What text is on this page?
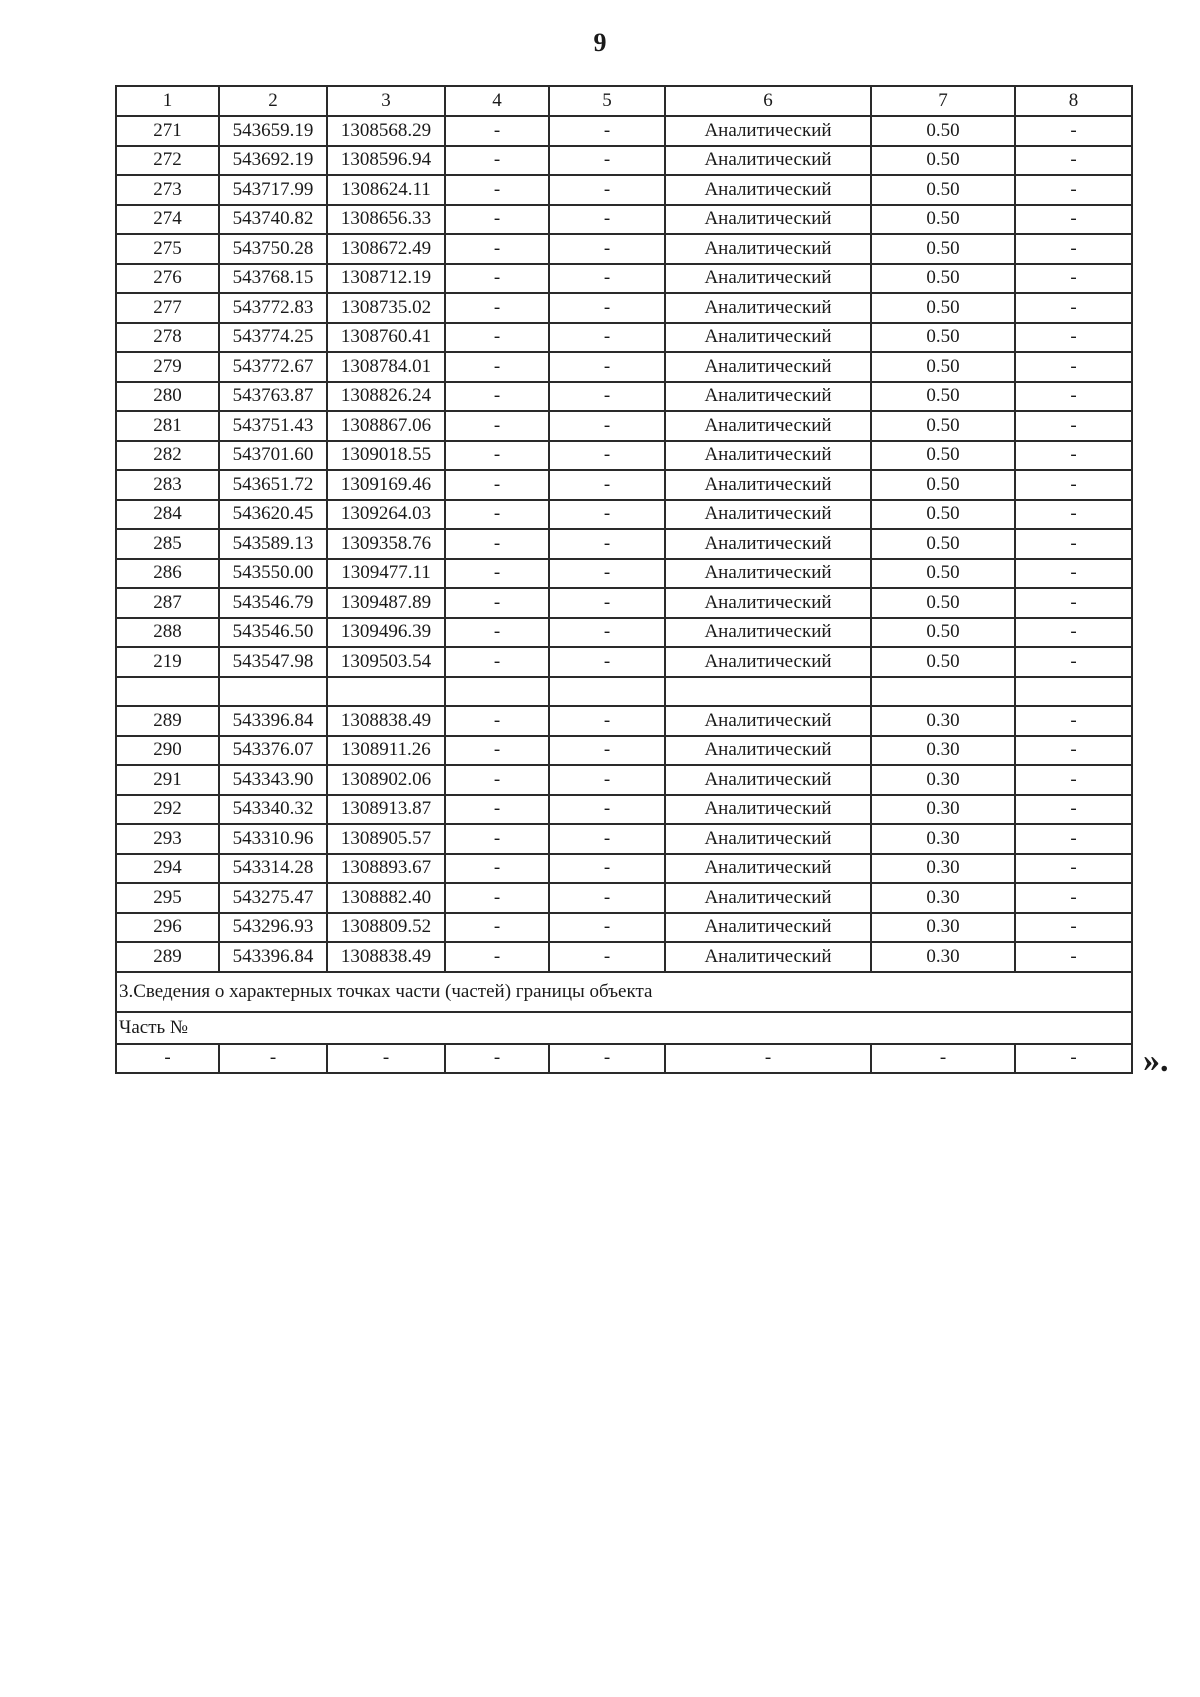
9
1	2	3	4	5	6	7	8
271	543659.19	1308568.29	-	-	Аналитический	0.50	-
272	543692.19	1308596.94	-	-	Аналитический	0.50	-
273	543717.99	1308624.11	-	-	Аналитический	0.50	-
274	543740.82	1308656.33	-	-	Аналитический	0.50	-
275	543750.28	1308672.49	-	-	Аналитический	0.50	-
276	543768.15	1308712.19	-	-	Аналитический	0.50	-
277	543772.83	1308735.02	-	-	Аналитический	0.50	-
278	543774.25	1308760.41	-	-	Аналитический	0.50	-
279	543772.67	1308784.01	-	-	Аналитический	0.50	-
280	543763.87	1308826.24	-	-	Аналитический	0.50	-
281	543751.43	1308867.06	-	-	Аналитический	0.50	-
282	543701.60	1309018.55	-	-	Аналитический	0.50	-
283	543651.72	1309169.46	-	-	Аналитический	0.50	-
284	543620.45	1309264.03	-	-	Аналитический	0.50	-
285	543589.13	1309358.76	-	-	Аналитический	0.50	-
286	543550.00	1309477.11	-	-	Аналитический	0.50	-
287	543546.79	1309487.89	-	-	Аналитический	0.50	-
288	543546.50	1309496.39	-	-	Аналитический	0.50	-
219	543547.98	1309503.54	-	-	Аналитический	0.50	-

289	543396.84	1308838.49	-	-	Аналитический	0.30	-
290	543376.07	1308911.26	-	-	Аналитический	0.30	-
291	543343.90	1308902.06	-	-	Аналитический	0.30	-
292	543340.32	1308913.87	-	-	Аналитический	0.30	-
293	543310.96	1308905.57	-	-	Аналитический	0.30	-
294	543314.28	1308893.67	-	-	Аналитический	0.30	-
295	543275.47	1308882.40	-	-	Аналитический	0.30	-
296	543296.93	1308809.52	-	-	Аналитический	0.30	-
289	543396.84	1308838.49	-	-	Аналитический	0.30	-
3.Сведения о характерных точках части (частей) границы объекта							
Часть №							
-	-	-	-	-	-	-	- ».
